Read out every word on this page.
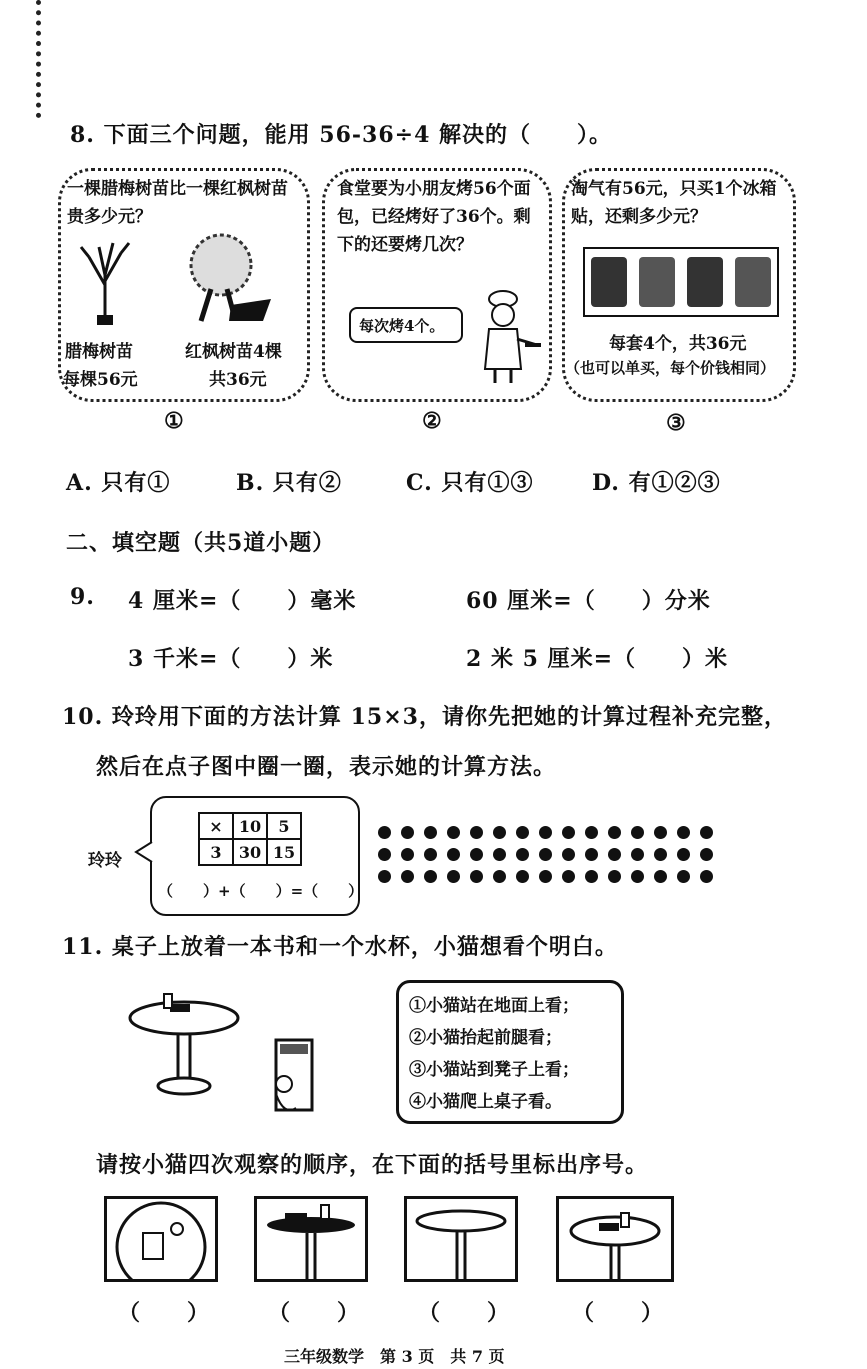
8. 下面三个问题，能用 56-36÷4 解决的（　　）。
一棵腊梅树苗比一棵红枫树苗贵多少元？
腊梅树苗
每棵56元
红枫树苗4棵
共36元
食堂要为小朋友烤56个面包，已经烤好了36个。剩下的还要烤几次？
每次烤4个。
淘气有56元，只买1个冰箱贴，还剩多少元？
每套4个，共36元
（也可以单买，每个价钱相同）
①	②	③
A. 只有①	B. 只有②	C. 只有①③	D. 有①②③
二、填空题（共5道小题）
9. 4 厘米=（　　）毫米	60 厘米=（　　）分米
3 千米=（　　）米	2 米 5 厘米=（　　）米
10. 玲玲用下面的方法计算 15×3，请你先把她的计算过程补充完整，
然后在点子图中圈一圈，表示她的计算方法。
玲玲
×	10	5
3	30	15
（　　）+（　　）=（　　）
11. 桌子上放着一本书和一个水杯，小猫想看个明白。
①小猫站在地面上看；
②小猫抬起前腿看；
③小猫站到凳子上看；
④小猫爬上桌子看。
请按小猫四次观察的顺序，在下面的括号里标出序号。
（　　）	（　　）	（　　）	（　　）
三年级数学　第 3 页　共 7 页
